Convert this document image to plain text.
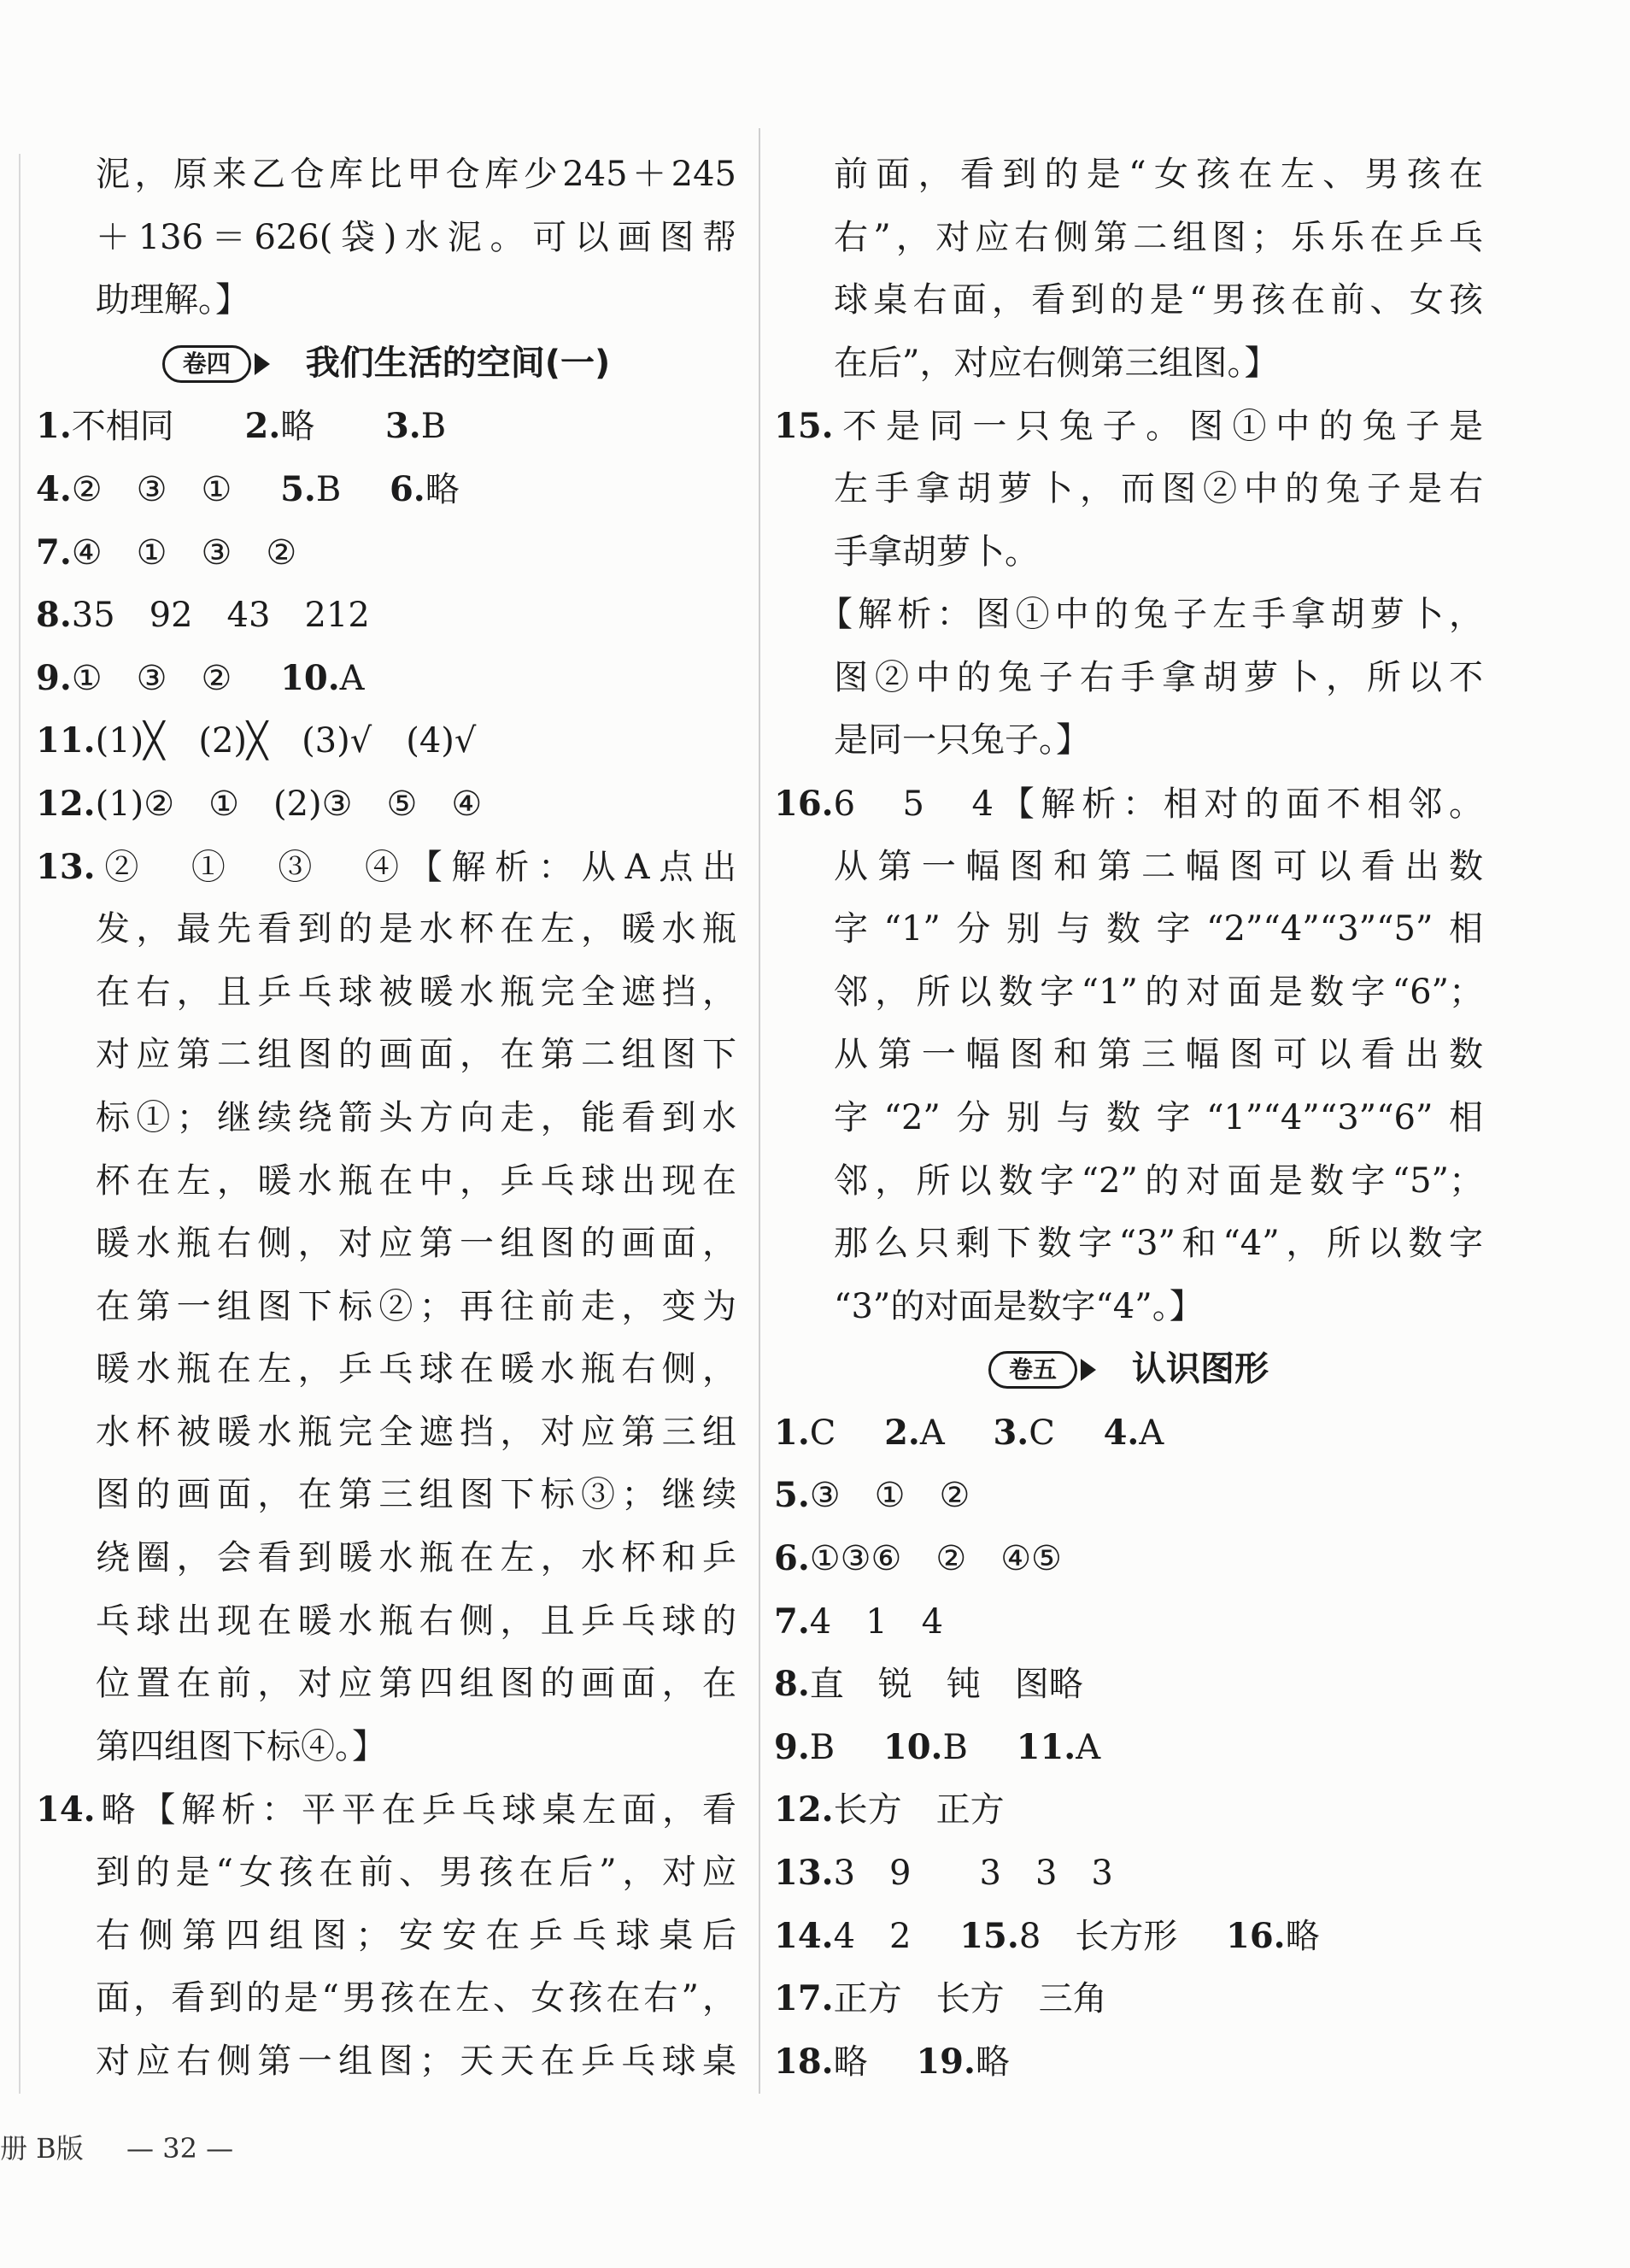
泥，原来乙仓库比甲仓库少245＋245
＋136＝626(袋)水泥。可以画图帮
助理解。】
卷四	我们生活的空间(一)
1.不相同 2.略 3.B
4.②　③　① 5.B 6.略
7.④　①　③　②
8.35　92　43　212
9.①　③　② 10.A
11.(1)╳　(2)╳　(3)√　(4)√
12.(1)②　①　(2)③　⑤　④
13.②　①　③　④【解析：从A点出
发，最先看到的是水杯在左，暖水瓶
在右，且乒乓球被暖水瓶完全遮挡，
对应第二组图的画面，在第二组图下
标①；继续绕箭头方向走，能看到水
杯在左，暖水瓶在中，乒乓球出现在
暖水瓶右侧，对应第一组图的画面，
在第一组图下标②；再往前走，变为
暖水瓶在左，乒乓球在暖水瓶右侧，
水杯被暖水瓶完全遮挡，对应第三组
图的画面，在第三组图下标③；继续
绕圈，会看到暖水瓶在左，水杯和乒
乓球出现在暖水瓶右侧，且乒乓球的
位置在前，对应第四组图的画面，在
第四组图下标④。】
14.略【解析：平平在乒乓球桌左面，看
到的是“女孩在前、男孩在后”，对应
右侧第四组图；安安在乒乓球桌后
面，看到的是“男孩在左、女孩在右”，
对应右侧第一组图；天天在乒乓球桌
前面，看到的是“女孩在左、男孩在
右”，对应右侧第二组图；乐乐在乒乓
球桌右面，看到的是“男孩在前、女孩
在后”，对应右侧第三组图。】
15.不是同一只兔子。图①中的兔子是
左手拿胡萝卜，而图②中的兔子是右
手拿胡萝卜。
【解析：图①中的兔子左手拿胡萝卜，
图②中的兔子右手拿胡萝卜，所以不
是同一只兔子。】
16.6　5　4【解析：相对的面不相邻。
从第一幅图和第二幅图可以看出数
字“1”分别与数字“2”“4”“3”“5”相
邻，所以数字“1”的对面是数字“6”；
从第一幅图和第三幅图可以看出数
字“2”分别与数字“1”“4”“3”“6”相
邻，所以数字“2”的对面是数字“5”；
那么只剩下数字“3”和“4”，所以数字
“3”的对面是数字“4”。】
卷五	认识图形
1.C 2.A 3.C 4.A
5.③　①　②
6.①③⑥　②　④⑤
7.4　1　4
8.直　锐　钝　图略
9.B 10.B 11.A
12.长方　正方
13.3　9　　3　3　3
14.4　2 15.8　长方形 16.略
17.正方　长方　三角
18.略 19.略
册 B版 — 32 —
